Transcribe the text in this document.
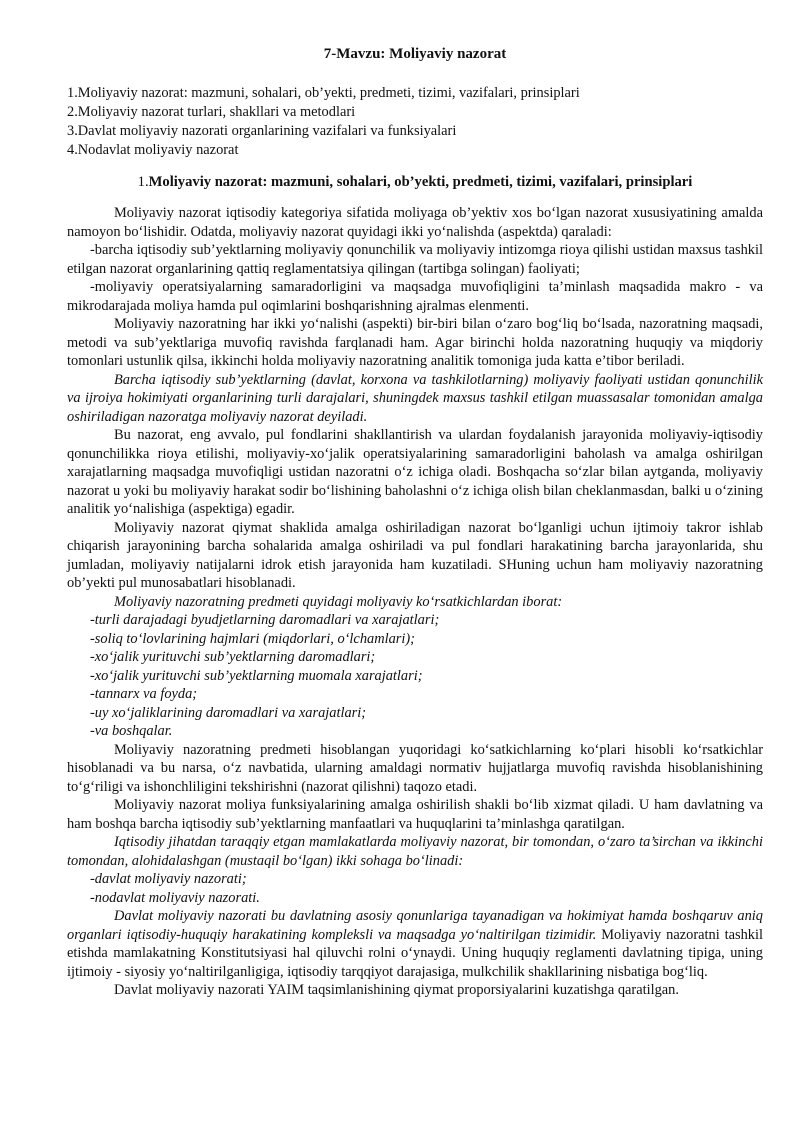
7-Mavzu: Moliyaviy nazorat
1.Moliyaviy nazorat: mazmuni, sohalari, ob’yekti, predmeti, tizimi, vazifalari, prinsiplari
2.Moliyaviy nazorat turlari, shakllari va metodlari
3.Davlat moliyaviy nazorati organlarining vazifalari va funksiyalari
4.Nodavlat moliyaviy nazorat
1.Moliyaviy nazorat: mazmuni, sohalari, ob’yekti, predmeti, tizimi, vazifalari, prinsiplari

Moliyaviy nazorat iqtisodiy kategoriya sifatida moliyaga ob’yektiv xos bo‘lgan nazorat xususiyatining amalda namoyon bo‘lishidir. Odatda, moliyaviy nazorat quyidagi ikki yo‘nalishda (aspektda) qaraladi:

-barcha iqtisodiy sub’yektlarning moliyaviy qonunchilik va moliyaviy intizomga rioya qilishi ustidan maxsus tashkil etilgan nazorat organlarining qattiq reglamentatsiya qilingan (tartibga solingan) faoliyati;

-moliyaviy operatsiyalarning samaradorligini va maqsadga muvofiqligini ta’minlash maqsadida makro - va mikrodarajada moliya hamda pul oqimlarini boshqarishning ajralmas elenmenti.

Moliyaviy nazoratning har ikki yo‘nalishi (aspekti) bir-biri bilan o‘zaro bog‘liq bo‘lsada, nazoratning maqsadi, metodi va sub’yektlariga muvofiq ravishda farqlanadi ham. Agar birinchi holda nazoratning huquqiy va miqdoriy tomonlari ustunlik qilsa, ikkinchi holda moliyaviy nazoratning analitik tomoniga juda katta e’tibor beriladi.

Barcha iqtisodiy sub’yektlarning (davlat, korxona va tashkilotlarning) moliyaviy faoliyati ustidan qonunchilik va ijroiya hokimiyati organlarining turli darajalari, shuningdek maxsus tashkil etilgan muassasalar tomonidan amalga oshiriladigan nazoratga moliyaviy nazorat deyiladi.

Bu nazorat, eng avvalo, pul fondlarini shakllantirish va ulardan foydalanish jarayonida moliyaviy-iqtisodiy qonunchilikka rioya etilishi, moliyaviy-xo‘jalik operatsiyalarining samaradorligini baholash va amalga oshirilgan xarajatlarning maqsadga muvofiqligi ustidan nazoratni o‘z ichiga oladi. Boshqacha so‘zlar bilan aytganda, moliyaviy nazorat u yoki bu moliyaviy harakat sodir bo‘lishining baholashni o‘z ichiga olish bilan cheklanmasdan, balki u o‘zining analitik yo‘nalishiga (aspektiga) egadir.

Moliyaviy nazorat qiymat shaklida amalga oshiriladigan nazorat bo‘lganligi uchun ijtimoiy takror ishlab chiqarish jarayonining barcha sohalarida amalga oshiriladi va pul fondlari harakatining barcha jarayonlarida, shu jumladan, moliyaviy natijalarni idrok etish jarayonida ham kuzatiladi. SHuning uchun ham moliyaviy nazoratning ob’yekti pul munosabatlari hisoblanadi.

Moliyaviy nazoratning predmeti quyidagi moliyaviy ko‘rsatkichlardan iborat:

-turli darajadagi byudjetlarning daromadlari va xarajatlari;

-soliq to‘lovlarining hajmlari (miqdorlari, o‘lchamlari);

-xo‘jalik yurituvchi sub’yektlarning daromadlari;

-xo‘jalik yurituvchi sub’yektlarning muomala xarajatlari;

-tannarx va foyda;

-uy xo‘jaliklarining daromadlari va xarajatlari;

-va boshqalar.

Moliyaviy nazoratning predmeti hisoblangan yuqoridagi ko‘satkichlarning ko‘plari hisobli ko‘rsatkichlar hisoblanadi va bu narsa, o‘z navbatida, ularning amaldagi normativ hujjatlarga muvofiq ravishda hisoblanishining to‘g‘riligi va ishonchliligini tekshirishni (nazorat qilishni) taqozo etadi.

Moliyaviy nazorat moliya funksiyalarining amalga oshirilish shakli bo‘lib xizmat qiladi. U ham davlatning va ham boshqa barcha iqtisodiy sub’yektlarning manfaatlari va huquqlarini ta’minlashga qaratilgan.

Iqtisodiy jihatdan taraqqiy etgan mamlakatlarda moliyaviy nazorat, bir tomondan, o‘zaro ta’sirchan va ikkinchi tomondan, alohidalashgan (mustaqil bo‘lgan) ikki sohaga bo‘linadi:

-davlat moliyaviy nazorati;

-nodavlat moliyaviy nazorati.

Davlat moliyaviy nazorati bu davlatning asosiy qonunlariga tayanadigan va hokimiyat hamda boshqaruv aniq organlari iqtisodiy-huquqiy harakatining kompleksli va maqsadga yo‘naltirilgan tizimidir. Moliyaviy nazoratni tashkil etishda mamlakatning Konstitutsiyasi hal qiluvchi rolni o‘ynaydi. Uning huquqiy reglamenti davlatning tipiga, uning ijtimoiy - siyosiy yo‘naltirilganligiga, iqtisodiy tarqqiyot darajasiga, mulkchilik shakllarining nisbatiga bog‘liq.

Davlat moliyaviy nazorati YAIM taqsimlanishining qiymat proporsiyalarini kuzatishga qaratilgan.
